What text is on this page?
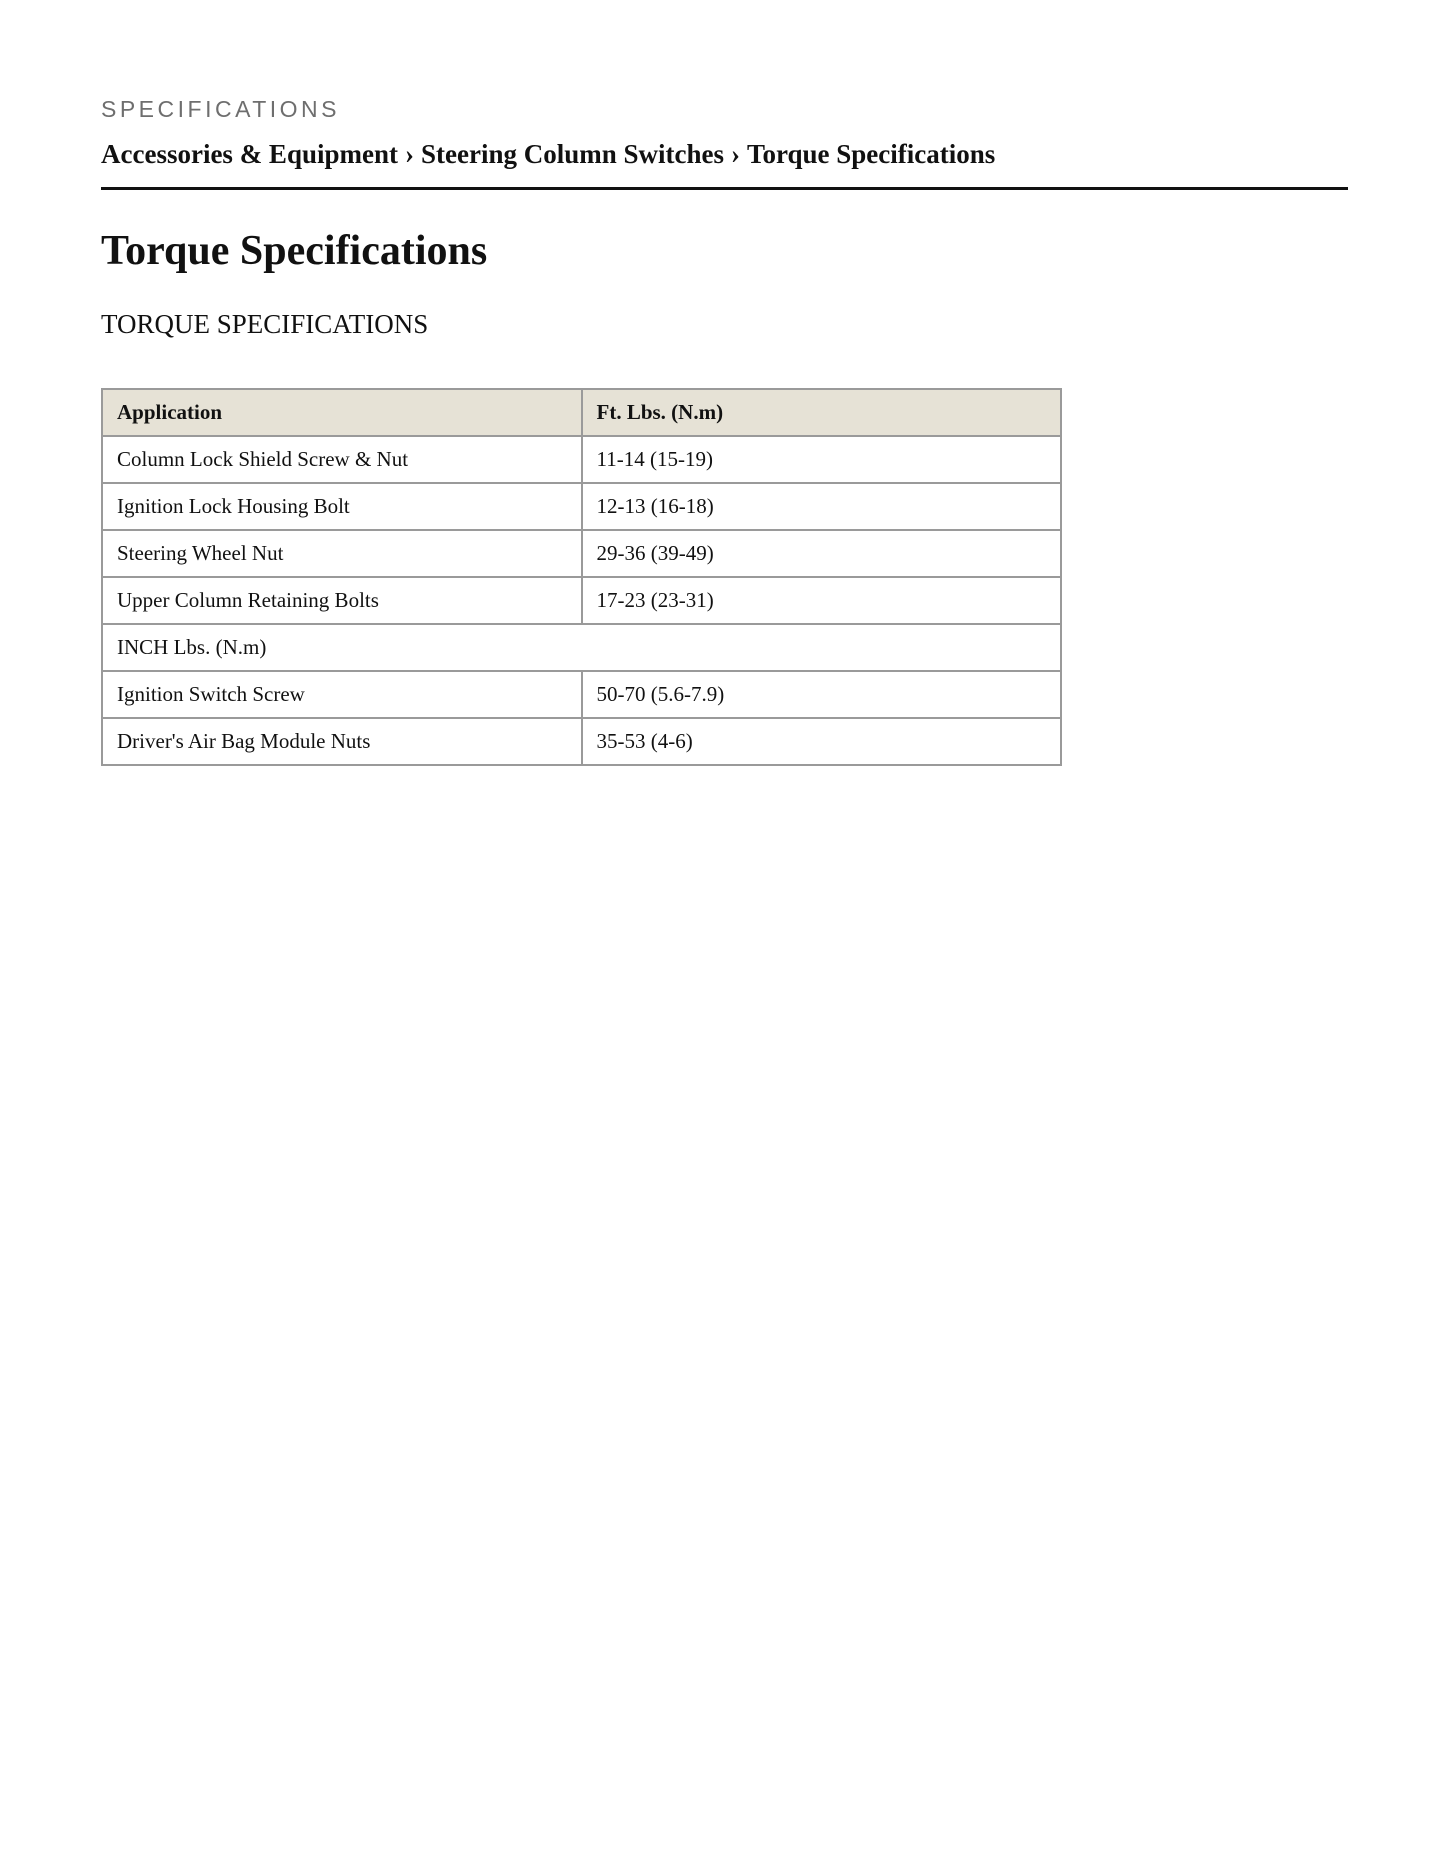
SPECIFICATIONS
Accessories & Equipment › Steering Column Switches › Torque Specifications
Torque Specifications
TORQUE SPECIFICATIONS
Application	Ft. Lbs. (N.m)
Column Lock Shield Screw & Nut	11-14 (15-19)
Ignition Lock Housing Bolt	12-13 (16-18)
Steering Wheel Nut	29-36 (39-49)
Upper Column Retaining Bolts	17-23 (23-31)
INCH Lbs. (N.m)	
Ignition Switch Screw	50-70 (5.6-7.9)
Driver's Air Bag Module Nuts	35-53 (4-6)
